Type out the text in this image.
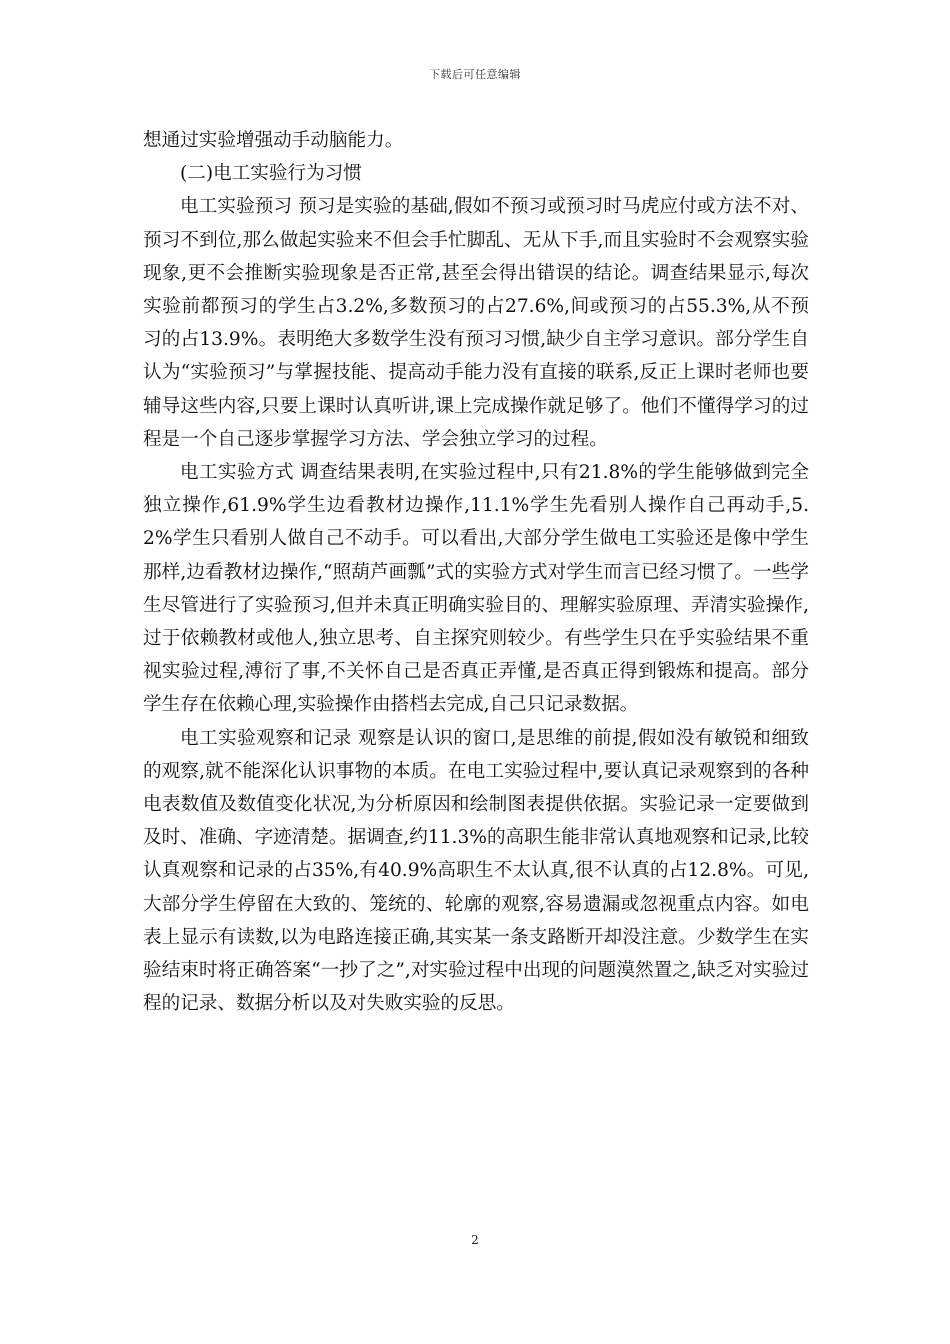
下载后可任意编辑

想通过实验增强动手动脑能力。

(二)电工实验行为习惯

电工实验预习 预习是实验的基础,假如不预习或预习时马虎应付或方法不对、预习不到位,那么做起实验来不但会手忙脚乱、无从下手,而且实验时不会观察实验现象,更不会推断实验现象是否正常,甚至会得出错误的结论。调查结果显示,每次实验前都预习的学生占3.2%,多数预习的占27.6%,间或预习的占55.3%,从不预习的占13.9%。表明绝大多数学生没有预习习惯,缺少自主学习意识。部分学生自认为“实验预习”与掌握技能、提高动手能力没有直接的联系,反正上课时老师也要辅导这些内容,只要上课时认真听讲,课上完成操作就足够了。他们不懂得学习的过程是一个自己逐步掌握学习方法、学会独立学习的过程。

电工实验方式 调查结果表明,在实验过程中,只有21.8%的学生能够做到完全独立操作,61.9%学生边看教材边操作,11.1%学生先看别人操作自己再动手,5.2%学生只看别人做自己不动手。可以看出,大部分学生做电工实验还是像中学生那样,边看教材边操作,“照葫芦画瓢”式的实验方式对学生而言已经习惯了。一些学生尽管进行了实验预习,但并未真正明确实验目的、理解实验原理、弄清实验操作,过于依赖教材或他人,独立思考、自主探究则较少。有些学生只在乎实验结果不重视实验过程,溥衍了事,不关怀自己是否真正弄懂,是否真正得到锻炼和提高。部分学生存在依赖心理,实验操作由搭档去完成,自己只记录数据。

电工实验观察和记录 观察是认识的窗口,是思维的前提,假如没有敏锐和细致的观察,就不能深化认识事物的本质。在电工实验过程中,要认真记录观察到的各种电表数值及数值变化状况,为分析原因和绘制图表提供依据。实验记录一定要做到及时、准确、字迹清楚。据调查,约11.3%的高职生能非常认真地观察和记录,比较认真观察和记录的占35%,有40.9%高职生不太认真,很不认真的占12.8%。可见,大部分学生停留在大致的、笼统的、轮廓的观察,容易遗漏或忽视重点内容。如电表上显示有读数,以为电路连接正确,其实某一条支路断开却没注意。少数学生在实验结束时将正确答案“一抄了之”,对实验过程中出现的问题漠然置之,缺乏对实验过程的记录、数据分析以及对失败实验的反思。

2
